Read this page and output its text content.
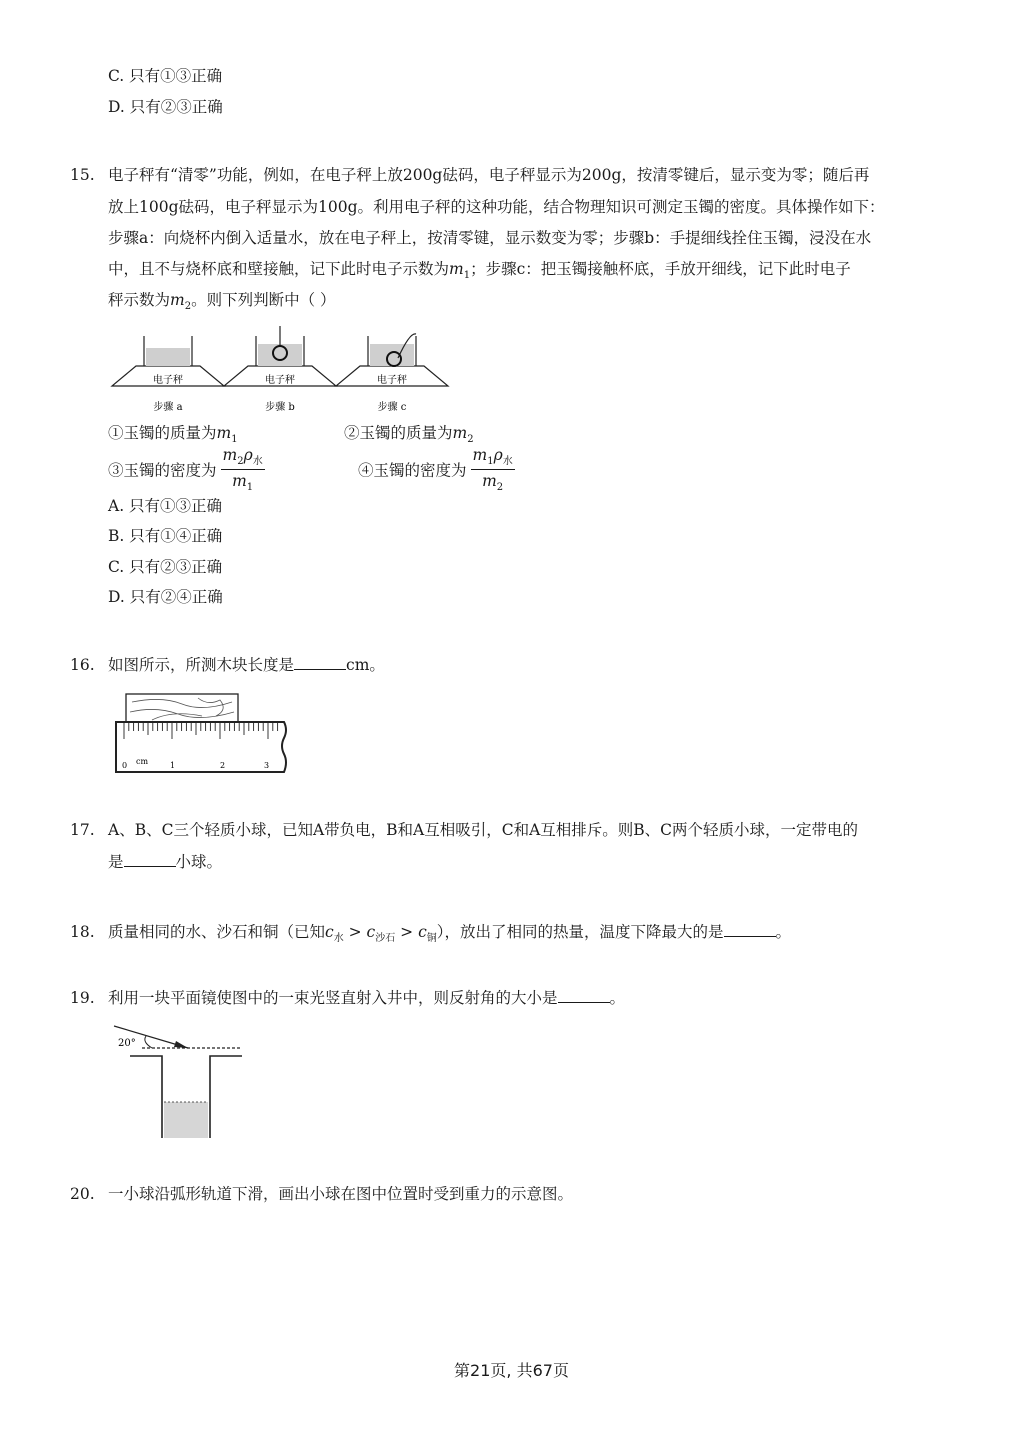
C. 只有①③正确
D. 只有②③正确
15. 电子秤有“清零”功能，例如，在电子秤上放200g砝码，电子秤显示为200g，按清零键后，显示变为零；随后再
放上100g砝码，电子秤显示为100g。利用电子秤的这种功能，结合物理知识可测定玉镯的密度。具体操作如下：
步骤a：向烧杯内倒入适量水，放在电子秤上，按清零键，显示数变为零；步骤b：手提细线拴住玉镯，浸没在水
中，且不与烧杯底和壁接触，记下此时电子示数为$m_1$；步骤c：把玉镯接触杯底，手放开细线，记下此时电子
秤示数为$m_2$。则下列判断中（ ）
电子秤
步骤 a
电子秤
步骤 b
电子秤
步骤 c
①玉镯的质量为$m_1$	②玉镯的质量为$m_2$
③玉镯的密度为 $\frac{m_2\rho_水}{m_1}$	④玉镯的密度为 $\frac{m_1\rho_水}{m_2}$
A. 只有①③正确
B. 只有①④正确
C. 只有②③正确
D. 只有②④正确
16. 如图所示，所测木块长度是	cm。
0 cm	1	2	3
17. A、B、C三个轻质小球，已知A带负电，B和A互相吸引，C和A互相排斥。则B、C两个轻质小球，一定带电的
是	小球。
18. 质量相同的水、沙石和铜（已知$c_水 > c_{沙石} > c_铜$），放出了相同的热量，温度下降最大的是	。
19. 利用一块平面镜使图中的一束光竖直射入井中，则反射角的大小是	。
20°
20. 一小球沿弧形轨道下滑，画出小球在图中位置时受到重力的示意图。
第21页, 共67页
